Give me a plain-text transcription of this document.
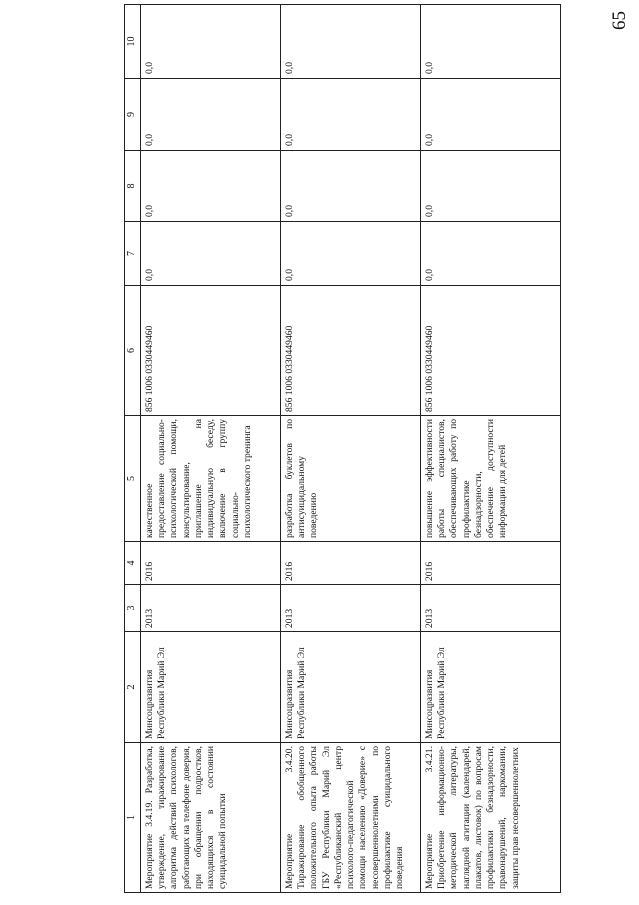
65
1	2	3	4	5	6	7	8	9	10
Мероприятие 3.4.19. Разработка, утверждение, тиражирование алгоритма действий психологов, работающих на телефоне доверия, при обращении подростков, находящихся в состоянии суицидальной попытки	Минсоцразвития Республики Марий Эл	2013	2016	качественное предоставление социально-психологической помощи, консультирование, приглашение на индивидуальную беседу, включение в группу социально-психологического тренинга	856 1006 0330449460	0,0	0,0	0,0	0,0
Мероприятие 3.4.20. Тиражирование обобщенного положительного опыта работы ГБУ Республики Марий Эл «Республиканский центр психолого-педагогической помощи населению «Доверие» с несовершеннолетними по профилактике суицидального поведения	Минсоцразвития Республики Марий Эл	2013	2016	разработка буклетов по антисуицидальному поведению	856 1006 0330449460	0,0	0,0	0,0	0,0
Мероприятие 3.4.21. Приобретение информационно-методической литературы, наглядной агитации (календарей, плакатов, листовок) по вопросам профилактики безнадзорности, правонарушений, наркомании, защиты прав несовершеннолетних	Минсоцразвития Республики Марий Эл	2013	2016	повышение эффективности работы специалистов, обеспечивающих работу по профилактике безнадзорности, обеспечение доступности информации для детей	856 1006 0330449460	0,0	0,0	0,0	0,0
